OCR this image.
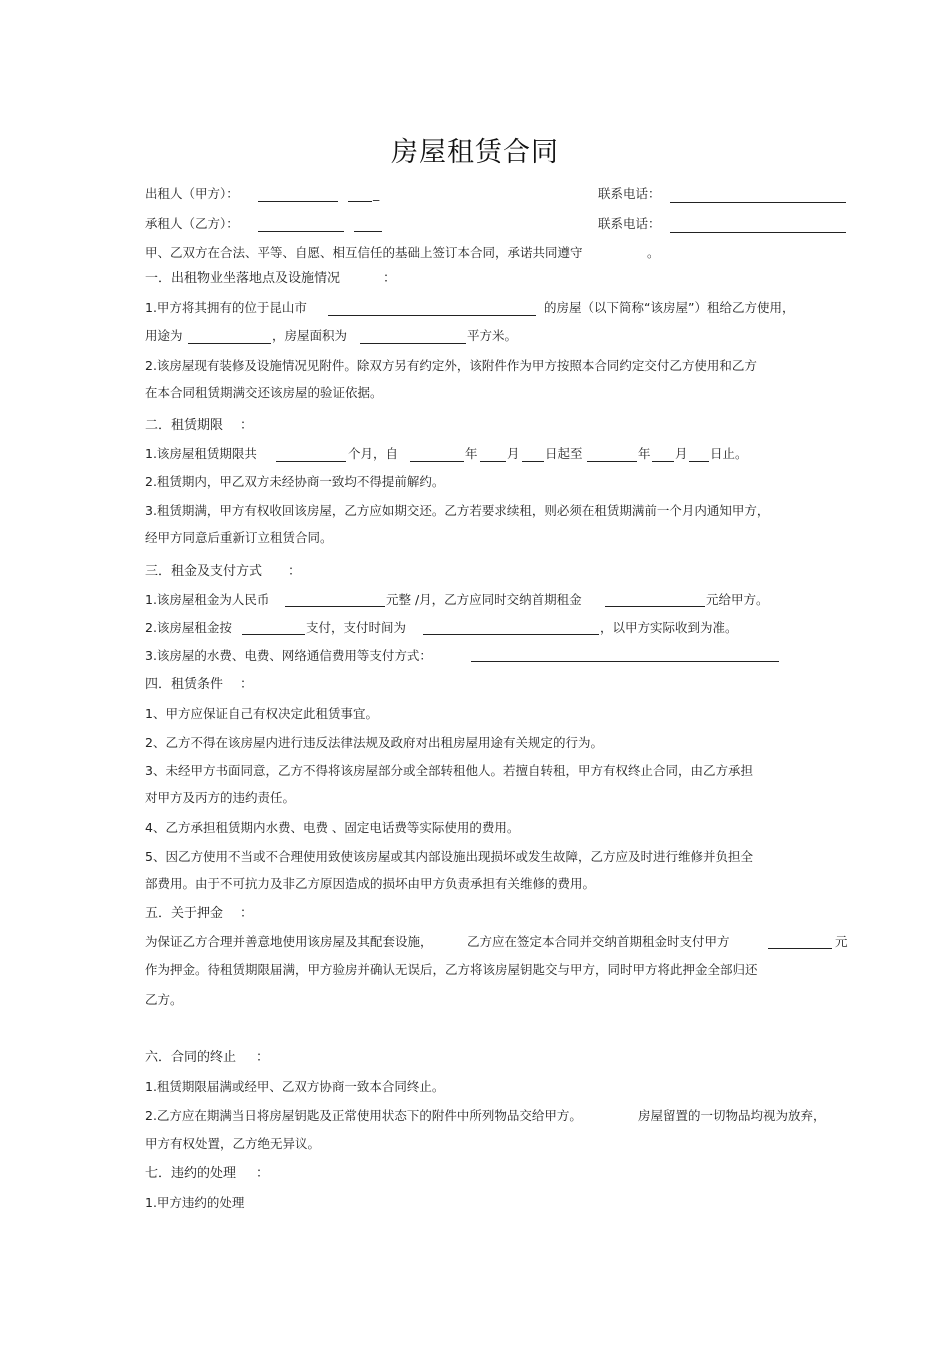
房屋租赁合同
出租人（甲方）：	_	联系电话：
承租人（乙方）：	联系电话：
甲、乙双方在合法、平等、自愿、相互信任的基础上签订本合同，承诺共同遵守	。
一．出租物业坐落地点及设施情况	：
1.甲方将其拥有的位于昆山市	的房屋（以下简称“该房屋”）租给乙方使用，
用途为	，房屋面积为	平方米。
2.该房屋现有装修及设施情况见附件。除双方另有约定外，该附件作为甲方按照本合同约定交付乙方使用和乙方
在本合同租赁期满交还该房屋的验证依据。
二．租赁期限 ：
1.该房屋租赁期限共	个月，自	年 月 日起至	年 月 日止。
2.租赁期内，甲乙双方未经协商一致均不得提前解约。
3.租赁期满，甲方有权收回该房屋，乙方应如期交还。乙方若要求续租，则必须在租赁期满前一个月内通知甲方，
经甲方同意后重新订立租赁合同。
三．租金及支付方式 ：
1.该房屋租金为人民币	元整 /月，乙方应同时交纳首期租金	元给甲方。
2.该房屋租金按	支付，支付时间为	，以甲方实际收到为准。
3.该房屋的水费、电费、网络通信费用等支付方式：
四．租赁条件 ：
1、甲方应保证自己有权决定此租赁事宜。
2、乙方不得在该房屋内进行违反法律法规及政府对出租房屋用途有关规定的行为。
3、未经甲方书面同意，乙方不得将该房屋部分或全部转租他人。若擅自转租，甲方有权终止合同，由乙方承担
对甲方及丙方的违约责任。
4、乙方承担租赁期内水费、电费 、固定电话费等实际使用的费用。
5、因乙方使用不当或不合理使用致使该房屋或其内部设施出现损坏或发生故障，乙方应及时进行维修并负担全
部费用。由于不可抗力及非乙方原因造成的损坏由甲方负责承担有关维修的费用。
五．关于押金 ：
为保证乙方合理并善意地使用该房屋及其配套设施，	乙方应在签定本合同并交纳首期租金时支付甲方	元
作为押金。待租赁期限届满，甲方验房并确认无误后，乙方将该房屋钥匙交与甲方，同时甲方将此押金全部归还
乙方。
六．合同的终止 ：
1.租赁期限届满或经甲、乙双方协商一致本合同终止。
2.乙方应在期满当日将房屋钥匙及正常使用状态下的附件中所列物品交给甲方。	房屋留置的一切物品均视为放弃，
甲方有权处置，乙方绝无异议。
七．违约的处理 ：
1.甲方违约的处理
